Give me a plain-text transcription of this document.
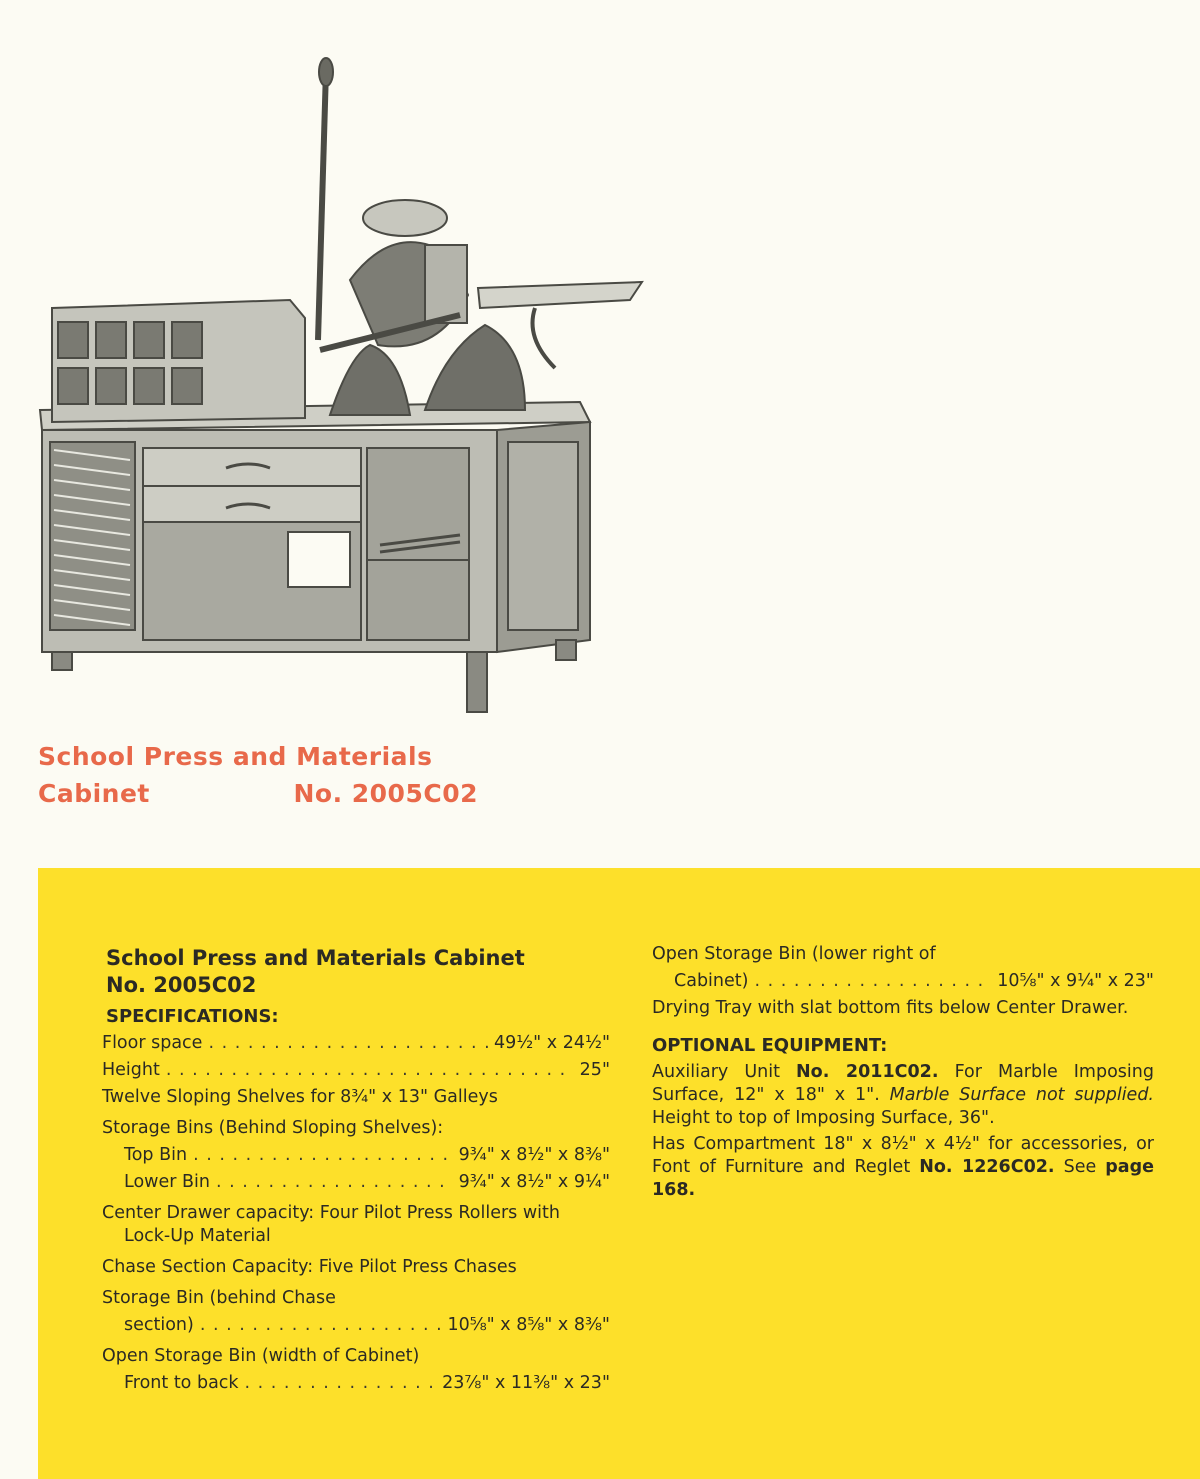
School Press and Materials
Cabinet	No. 2005C02
School Press and Materials Cabinet
No. 2005C02
SPECIFICATIONS:
Floor space . . .	49½" x 24½"
Height . . .	25"
Twelve Sloping Shelves for 8¾" x 13" Galleys
Storage Bins (Behind Sloping Shelves):
Top Bin . . .	9¾" x 8½" x 8⅜"
Lower Bin . . .	9¾" x 8½" x 9¼"
Center Drawer capacity: Four Pilot Press Rollers with Lock-Up Material
Chase Section Capacity: Five Pilot Press Chases
Storage Bin (behind Chase
section) . . .	10⅝" x 8⅝" x 8⅜"
Open Storage Bin (width of Cabinet)
Front to back . . .	23⅞" x 11⅜" x 23"
Open Storage Bin (lower right of
Cabinet) . . .	10⅝" x 9¼" x 23"
Drying Tray with slat bottom fits below Center Drawer.
OPTIONAL EQUIPMENT:
Auxiliary Unit No. 2011C02. For Marble Imposing Surface, 12" x 18" x 1". Marble Surface not supplied. Height to top of Imposing Surface, 36".
Has Compartment 18" x 8½" x 4½" for accessories, or Font of Furniture and Reglet No. 1226C02. See page 168.
